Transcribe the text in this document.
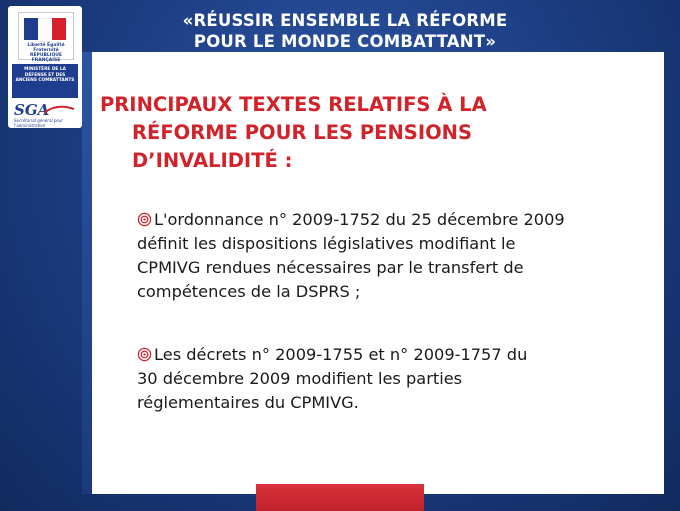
«RÉUSSIR ENSEMBLE LA RÉFORME
POUR LE MONDE COMBATTANT»
Liberté Égalité Fraternité RÉPUBLIQUE FRANÇAISE
MINISTÈRE DE LA DÉFENSE ET DES ANCIENS COMBATTANTS
SGA
Secrétariat général pour l'administration
PRINCIPAUX TEXTES RELATIFS À LA
RÉFORME POUR LES PENSIONS
D’INVALIDITÉ :
L'ordonnance n° 2009-1752 du 25 décembre 2009
définit les dispositions législatives modifiant le
CPMIVG rendues nécessaires par le transfert de
compétences de la DSPRS ;
Les décrets n° 2009-1755 et n° 2009-1757 du
30 décembre 2009 modifient les parties
réglementaires du CPMIVG.
